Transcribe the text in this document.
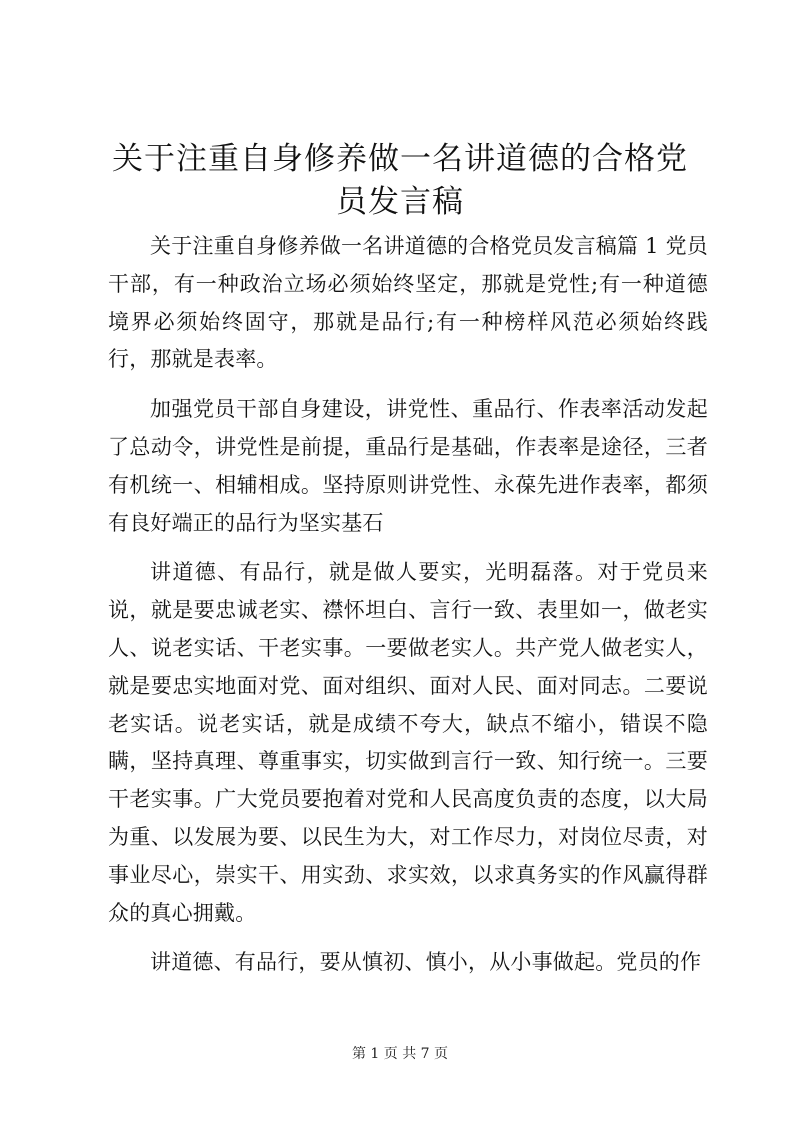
关于注重自身修养做一名讲道德的合格党员发言稿

关于注重自身修养做一名讲道德的合格党员发言稿篇 1 党员干部，有一种政治立场必须始终坚定，那就是党性;有一种道德境界必须始终固守，那就是品行;有一种榜样风范必须始终践行，那就是表率。

加强党员干部自身建设，讲党性、重品行、作表率活动发起了总动令，讲党性是前提，重品行是基础，作表率是途径，三者有机统一、相辅相成。坚持原则讲党性、永葆先进作表率，都须有良好端正的品行为坚实基石

讲道德、有品行，就是做人要实，光明磊落。对于党员来说，就是要忠诚老实、襟怀坦白、言行一致、表里如一，做老实人、说老实话、干老实事。一要做老实人。共产党人做老实人，就是要忠实地面对党、面对组织、面对人民、面对同志。二要说老实话。说老实话，就是成绩不夸大，缺点不缩小，错误不隐瞒，坚持真理、尊重事实，切实做到言行一致、知行统一。三要干老实事。广大党员要抱着对党和人民高度负责的态度，以大局为重、以发展为要、以民生为大，对工作尽力，对岗位尽责，对事业尽心，崇实干、用实劲、求实效，以求真务实的作风赢得群众的真心拥戴。

讲道德、有品行，要从慎初、慎小，从小事做起。党员的作

第 1 页 共 7 页
